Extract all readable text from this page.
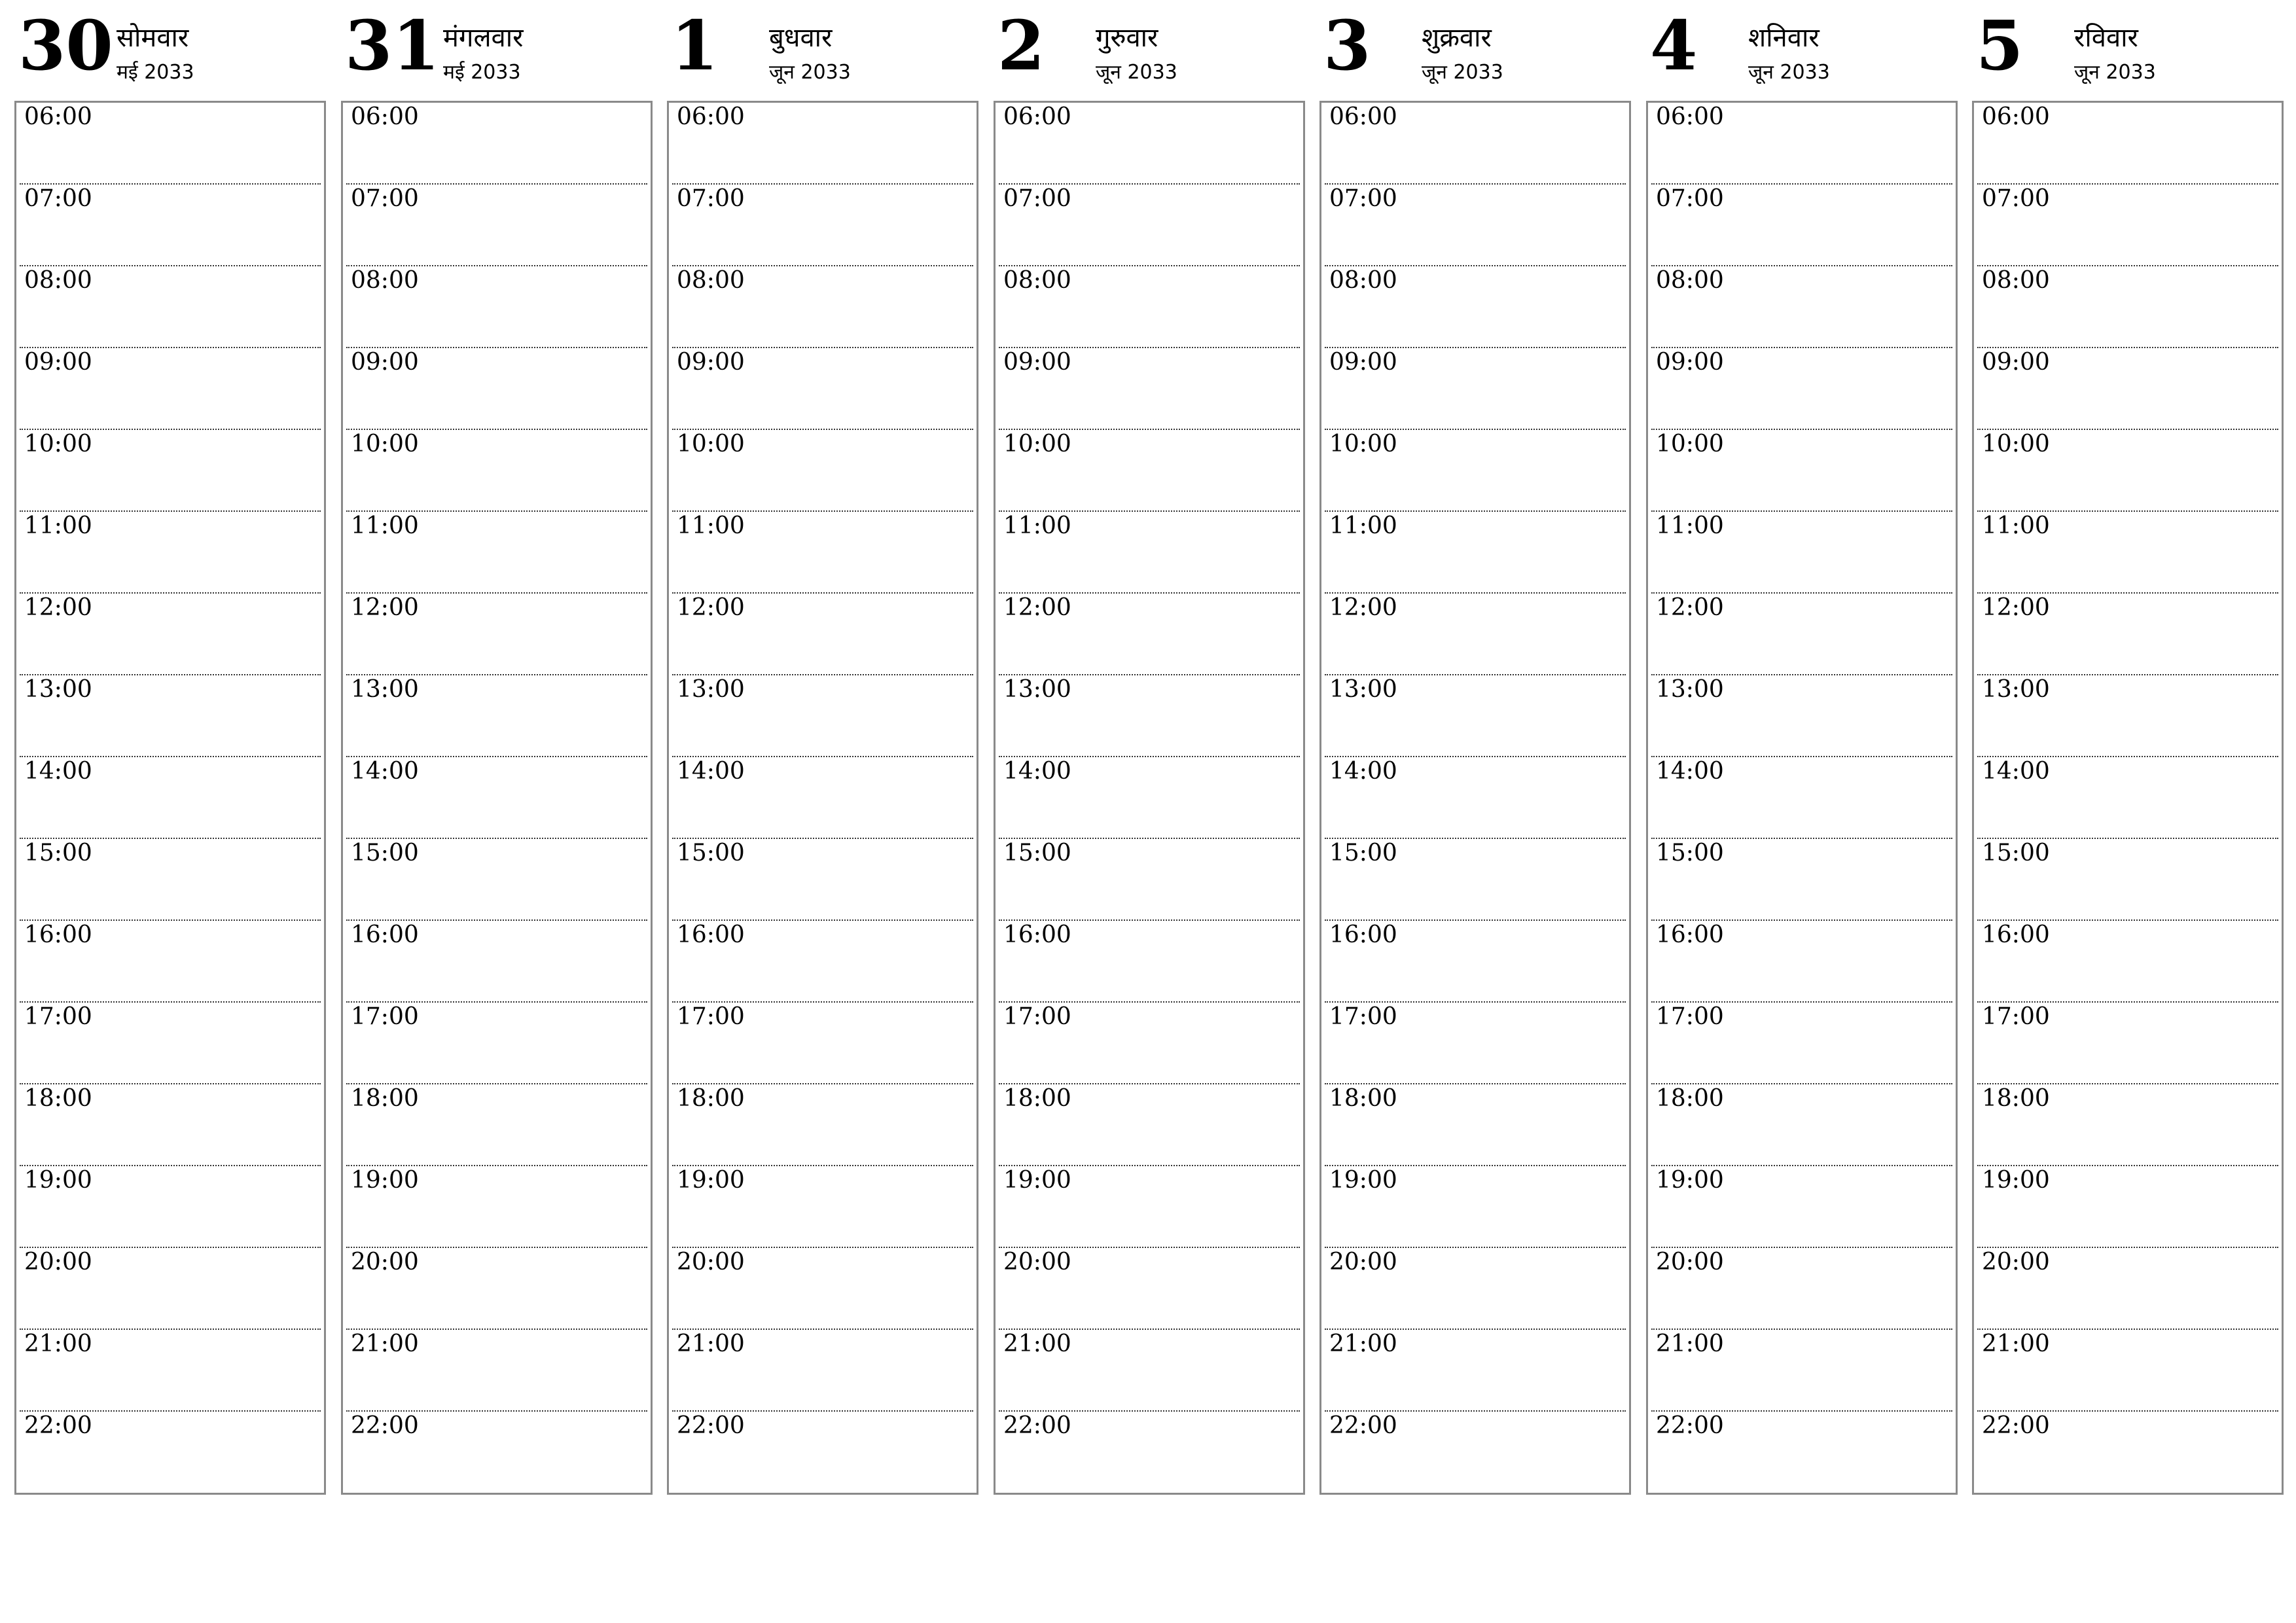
30 सोमवार
मई 2033
06:00
07:00
08:00
09:00
10:00
11:00
12:00
13:00
14:00
15:00
16:00
17:00
18:00
19:00
20:00
21:00
22:00
31 मंगलवार
मई 2033
06:00
07:00
08:00
09:00
10:00
11:00
12:00
13:00
14:00
15:00
16:00
17:00
18:00
19:00
20:00
21:00
22:00
1 बुधवार
जून 2033
06:00
07:00
08:00
09:00
10:00
11:00
12:00
13:00
14:00
15:00
16:00
17:00
18:00
19:00
20:00
21:00
22:00
2 गुरुवार
जून 2033
06:00
07:00
08:00
09:00
10:00
11:00
12:00
13:00
14:00
15:00
16:00
17:00
18:00
19:00
20:00
21:00
22:00
3 शुक्रवार
जून 2033
06:00
07:00
08:00
09:00
10:00
11:00
12:00
13:00
14:00
15:00
16:00
17:00
18:00
19:00
20:00
21:00
22:00
4 शनिवार
जून 2033
06:00
07:00
08:00
09:00
10:00
11:00
12:00
13:00
14:00
15:00
16:00
17:00
18:00
19:00
20:00
21:00
22:00
5 रविवार
जून 2033
06:00
07:00
08:00
09:00
10:00
11:00
12:00
13:00
14:00
15:00
16:00
17:00
18:00
19:00
20:00
21:00
22:00
